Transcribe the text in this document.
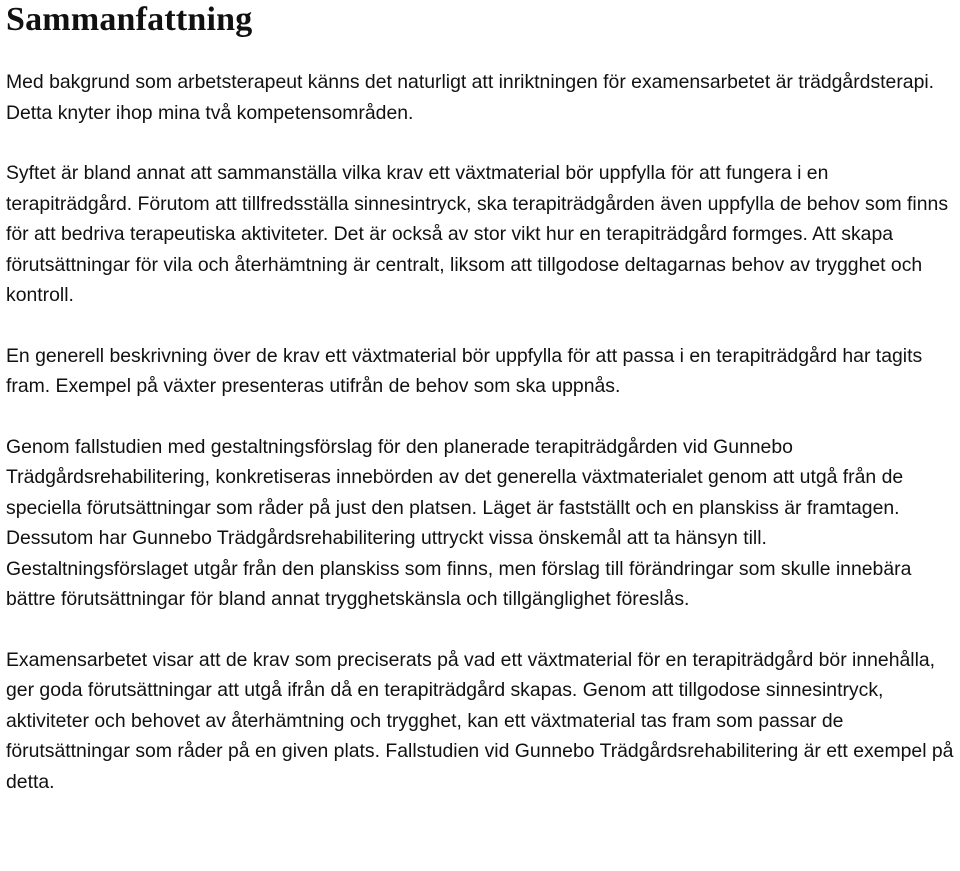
Sammanfattning

Med bakgrund som arbetsterapeut känns det naturligt att inriktningen för examensarbetet är trädgårdsterapi. Detta knyter ihop mina två kompetensområden.

Syftet är bland annat att sammanställa vilka krav ett växtmaterial bör uppfylla för att fungera i en terapiträdgård. Förutom att tillfredsställa sinnesintryck, ska terapiträdgården även uppfylla de behov som finns för att bedriva terapeutiska aktiviteter. Det är också av stor vikt hur en terapiträdgård formges. Att skapa förutsättningar för vila och återhämtning är centralt, liksom att tillgodose deltagarnas behov av trygghet och kontroll.

En generell beskrivning över de krav ett växtmaterial bör uppfylla för att passa i en terapiträdgård har tagits fram. Exempel på växter presenteras utifrån de behov som ska uppnås.

Genom fallstudien med gestaltningsförslag för den planerade terapiträdgården vid Gunnebo Trädgårdsrehabilitering, konkretiseras innebörden av det generella växtmaterialet genom att utgå från de speciella förutsättningar som råder på just den platsen. Läget är fastställt och en planskiss är framtagen. Dessutom har Gunnebo Trädgårdsrehabilitering uttryckt vissa önskemål att ta hänsyn till. Gestaltningsförslaget utgår från den planskiss som finns, men förslag till förändringar som skulle innebära bättre förutsättningar för bland annat trygghetskänsla och tillgänglighet föreslås.

Examensarbetet visar att de krav som preciserats på vad ett växtmaterial för en terapiträdgård bör innehålla, ger goda förutsättningar att utgå ifrån då en terapiträdgård skapas. Genom att tillgodose sinnesintryck, aktiviteter och behovet av återhämtning och trygghet, kan ett växtmaterial tas fram som passar de förutsättningar som råder på en given plats. Fallstudien vid Gunnebo Trädgårdsrehabilitering är ett exempel på detta.
